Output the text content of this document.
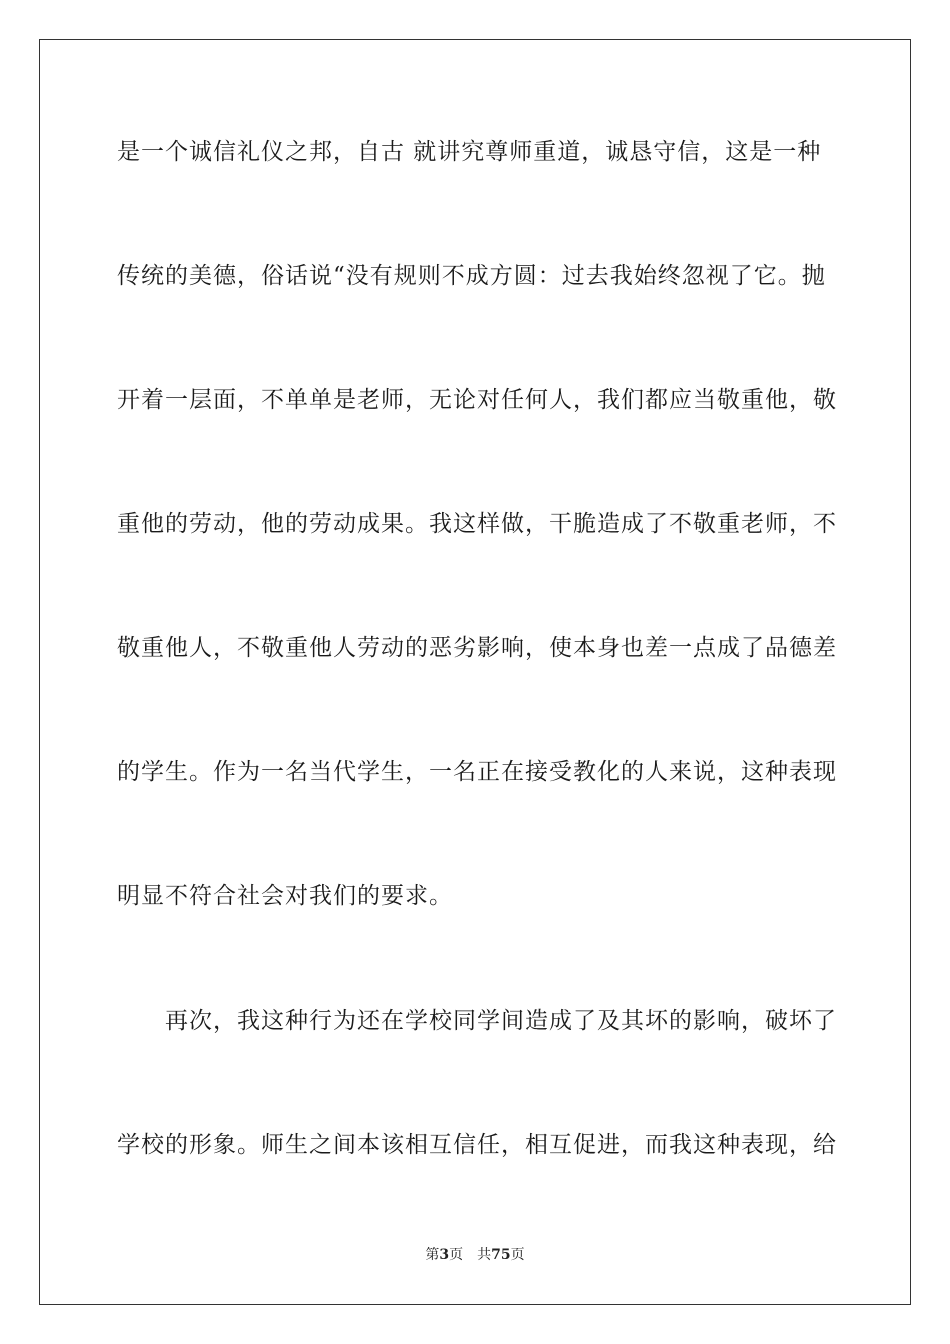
是一个诚信礼仪之邦，自古 就讲究尊师重道，诚恳守信，这是一种
传统的美德，俗话说“没有规则不成方圆：过去我始终忽视了它。抛
开着一层面，不单单是老师，无论对任何人，我们都应当敬重他，敬
重他的劳动，他的劳动成果。我这样做，干脆造成了不敬重老师，不
敬重他人，不敬重他人劳动的恶劣影响，使本身也差一点成了品德差
的学生。作为一名当代学生，一名正在接受教化的人来说，这种表现
明显不符合社会对我们的要求。
　　再次，我这种行为还在学校同学间造成了及其坏的影响，破坏了
学校的形象。师生之间本该相互信任，相互促进，而我这种表现，给
第3页 共75页
